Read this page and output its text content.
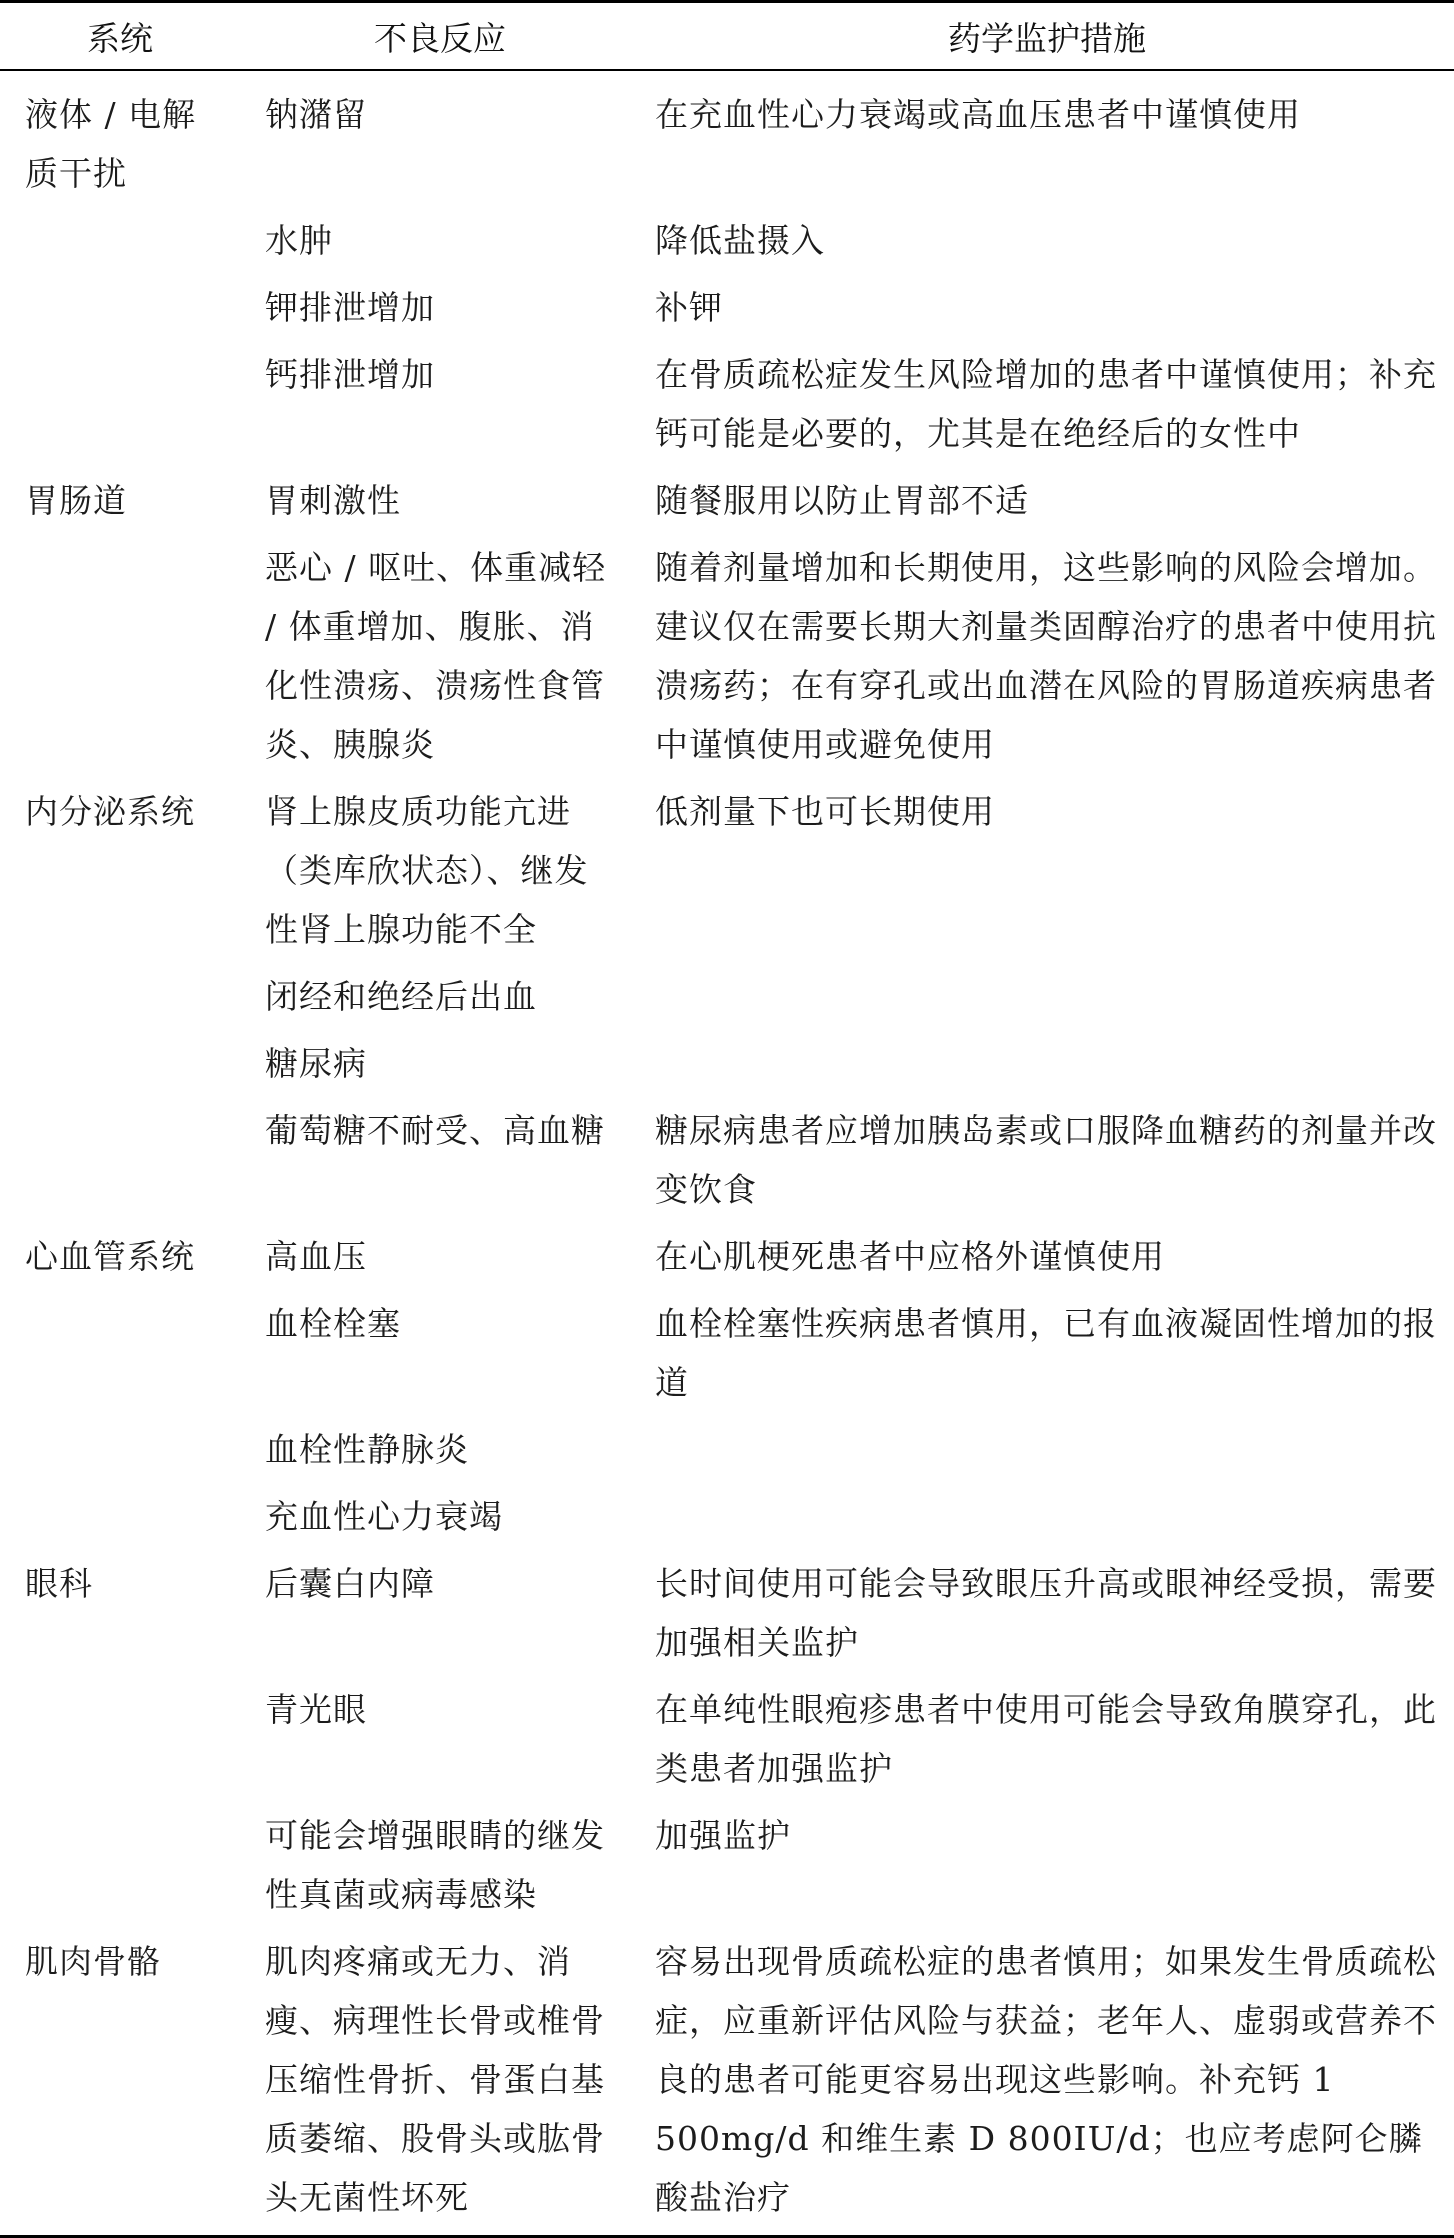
系统	不良反应	药学监护措施
液体 / 电解质干扰	钠潴留	在充血性心力衰竭或高血压患者中谨慎使用
	水肿	降低盐摄入
	钾排泄增加	补钾
	钙排泄增加	在骨质疏松症发生风险增加的患者中谨慎使用；补充钙可能是必要的，尤其是在绝经后的女性中
胃肠道	胃刺激性	随餐服用以防止胃部不适
	恶心 / 呕吐、体重减轻 / 体重增加、腹胀、消化性溃疡、溃疡性食管炎、胰腺炎	随着剂量增加和长期使用，这些影响的风险会增加。建议仅在需要长期大剂量类固醇治疗的患者中使用抗溃疡药；在有穿孔或出血潜在风险的胃肠道疾病患者中谨慎使用或避免使用
内分泌系统	肾上腺皮质功能亢进（类库欣状态）、继发性肾上腺功能不全	低剂量下也可长期使用
	闭经和绝经后出血	
	糖尿病	
	葡萄糖不耐受、高血糖	糖尿病患者应增加胰岛素或口服降血糖药的剂量并改变饮食
心血管系统	高血压	在心肌梗死患者中应格外谨慎使用
	血栓栓塞	血栓栓塞性疾病患者慎用，已有血液凝固性增加的报道
	血栓性静脉炎	
	充血性心力衰竭	
眼科	后囊白内障	长时间使用可能会导致眼压升高或眼神经受损，需要加强相关监护
	青光眼	在单纯性眼疱疹患者中使用可能会导致角膜穿孔，此类患者加强监护
	可能会增强眼睛的继发性真菌或病毒感染	加强监护
肌肉骨骼	肌肉疼痛或无力、消瘦、病理性长骨或椎骨压缩性骨折、骨蛋白基质萎缩、股骨头或肱骨头无菌性坏死	容易出现骨质疏松症的患者慎用；如果发生骨质疏松症，应重新评估风险与获益；老年人、虚弱或营养不良的患者可能更容易出现这些影响。补充钙 1 500mg/d 和维生素 D 800IU/d；也应考虑阿仑膦酸盐治疗
